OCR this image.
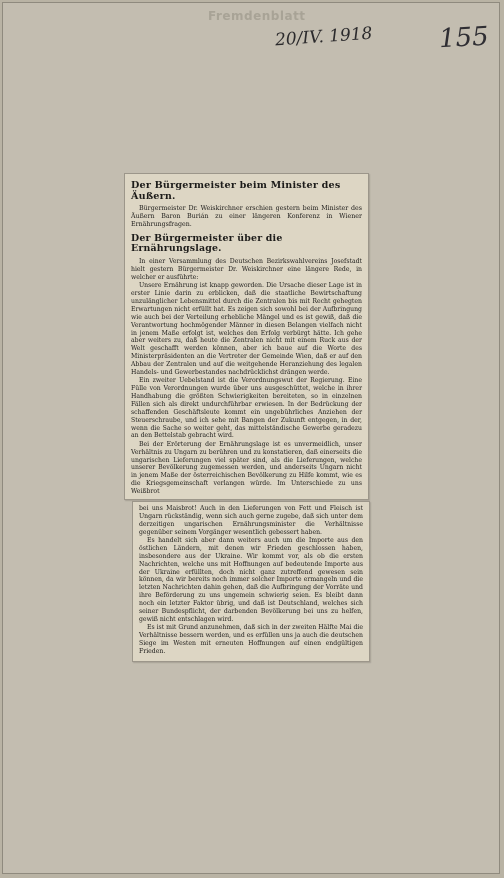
Fremdenblatt
20/IV. 1918	155
Der Bürgermeister beim Minister des Äußern.

Bürgermeister Dr. Weiskirchner erschien gestern beim Minister des Äußern Baron Burián zu einer längeren Konferenz in Wiener Ernährungsfragen.

Der Bürgermeister über die Ernährungslage.

In einer Versammlung des Deutschen Bezirkswahlvereins Josefstadt hielt gestern Bürgermeister Dr. Weiskirchner eine längere Rede, in welcher er ausführte:

Unsere Ernährung ist knapp geworden. Die Ursache dieser Lage ist in erster Linie darin zu erblicken, daß die staatliche Bewirtschaftung unzulänglicher Lebensmittel durch die Zentralen bis mit Recht gehegten Erwartungen nicht erfüllt hat. Es zeigen sich sowohl bei der Aufbringung wie auch bei der Verteilung erhebliche Mängel und es ist gewiß, daß die Verantwortung hochmögender Männer in diesen Belangen vielfach nicht in jenem Maße erfolgt ist, welches den Erfolg verbürgt hätte. Ich gehe aber weiters zu, daß heute die Zentralen nicht mit einem Ruck aus der Welt geschafft werden können, aber ich baue auf die Worte des Ministerpräsidenten an die Vertreter der Gemeinde Wien, daß er auf den Abbau der Zentralen und auf die weitgehende Heranziehung des legalen Handels- und Gewerbestandes nachdrücklichst drängen werde.

Ein zweiter Uebelstand ist die Verordnungswut der Regierung. Eine Fülle von Verordnungen wurde über uns ausgeschüttet, welche in ihrer Handhabung die größten Schwierigkeiten bereiteten, so in einzelnen Fällen sich als direkt undurchführbar erwiesen. In der Bedrückung der schaffenden Geschäftsleute kommt ein ungebührliches Anziehen der Steuerschraube, und ich sehe mit Bangen der Zukunft entgegen, in der, wenn die Sache so weiter geht, das mittelständische Gewerbe geradezu an den Bettelstab gebracht wird.

Bei der Erörterung der Ernährungslage ist es unvermeidlich, unser Verhältnis zu Ungarn zu berühren und zu konstatieren, daß einerseits die ungarischen Lieferungen viel später sind, als die Lieferungen, welche unserer Bevölkerung zugemessen werden, und anderseits Ungarn nicht in jenem Maße der österreichischen Bevölkerung zu Hilfe kommt, wie es die Kriegsgemeinschaft verlangen würde. Im Unterschiede zu uns Weißbrot

bei uns Maisbrot! Auch in den Lieferungen von Fett und Fleisch ist Ungarn rückständig, wenn sich auch gerne zugebe, daß sich unter dem derzeitigen ungarischen Ernährungsminister die Verhältnisse gegenüber seinem Vorgänger wesentlich gebessert haben.

Es handelt sich aber dann weiters auch um die Importe aus den östlichen Ländern, mit denen wir Frieden geschlossen haben, insbesondere aus der Ukraine. Wir kommt vor, als ob die ersten Nachrichten, welche uns mit Hoffnungen auf bedeutende Importe aus der Ukraine erfüllten, doch nicht ganz zutreffend gewesen sein können, da wir bereits noch immer solcher Importe ermangeln und die letzten Nachrichten dahin gehen, daß die Aufbringung der Vorräte und ihre Beförderung zu uns ungemein schwierig seien. Es bleibt dann noch ein letzter Faktor übrig, und daß ist Deutschland, welches sich seiner Bundespflicht, der darbenden Bevölkerung bei uns zu helfen, gewiß nicht entschlagen wird.

Es ist mit Grund anzunehmen, daß sich in der zweiten Hälfte Mai die Verhältnisse bessern werden, und es erfüllen uns ja auch die deutschen Siege im Westen mit erneuten Hoffnungen auf einen endgültigen Frieden.
